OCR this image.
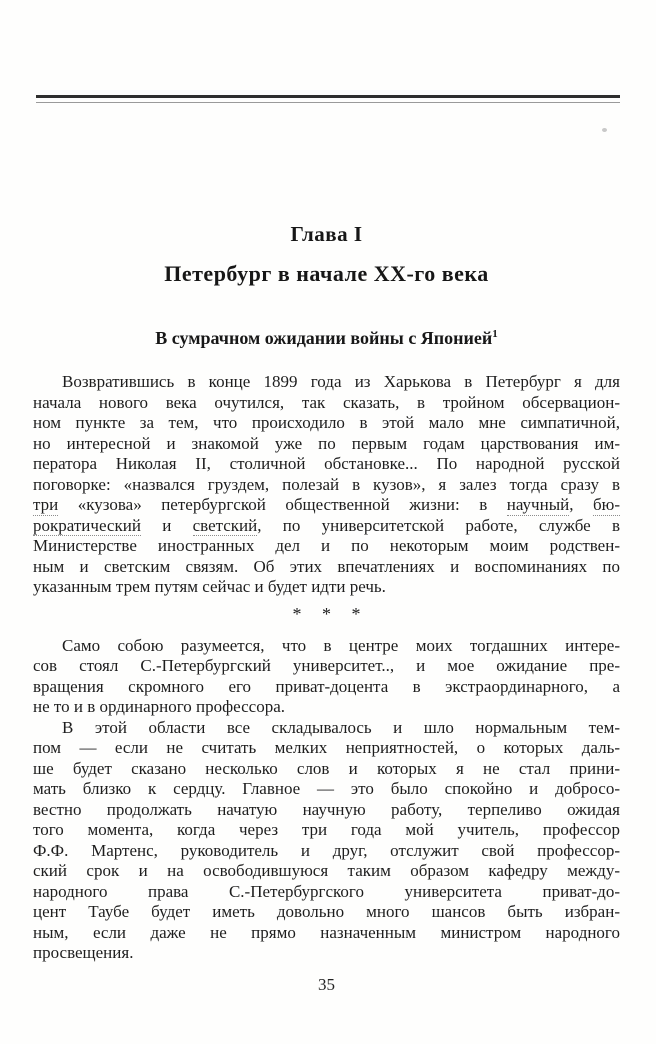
Глава I
Петербург в начале XX-го века
В сумрачном ожидании войны с Японией$^1$
Возвратившись в конце 1899 года из Харькова в Петербург я для
начала нового века очутился, так сказать, в тройном обсервацион-
ном пункте за тем, что происходило в этой мало мне симпатичной,
но интересной и знакомой уже по первым годам царствования им-
ператора Николая II, столичной обстановке... По народной русской
поговорке: «назвался груздем, полезай в кузов», я залез тогда сразу в
три «кузова» петербургской общественной жизни: в научный, бю-
рократический и светский, по университетской работе, службе в
Министерстве иностранных дел и по некоторым моим родствен-
ным и светским связям. Об этих впечатлениях и воспоминаниях по
указанным трем путям сейчас и будет идти речь.
* * *
Само собою разумеется, что в центре моих тогдашних интере-
сов стоял С.-Петербургский университет.., и мое ожидание пре-
вращения скромного его приват-доцента в экстраординарного, а
не то и в ординарного профессора.
В этой области все складывалось и шло нормальным тем-
пом — если не считать мелких неприятностей, о которых даль-
ше будет сказано несколько слов и которых я не стал прини-
мать близко к сердцу. Главное — это было спокойно и добросо-
вестно продолжать начатую научную работу, терпеливо ожидая
того момента, когда через три года мой учитель, профессор
Ф.Ф. Мартенс, руководитель и друг, отслужит свой профессор-
ский срок и на освободившуюся таким образом кафедру между-
народного права С.-Петербургского университета приват-до-
цент Таубе будет иметь довольно много шансов быть избран-
ным, если даже не прямо назначенным министром народного
просвещения.
35
